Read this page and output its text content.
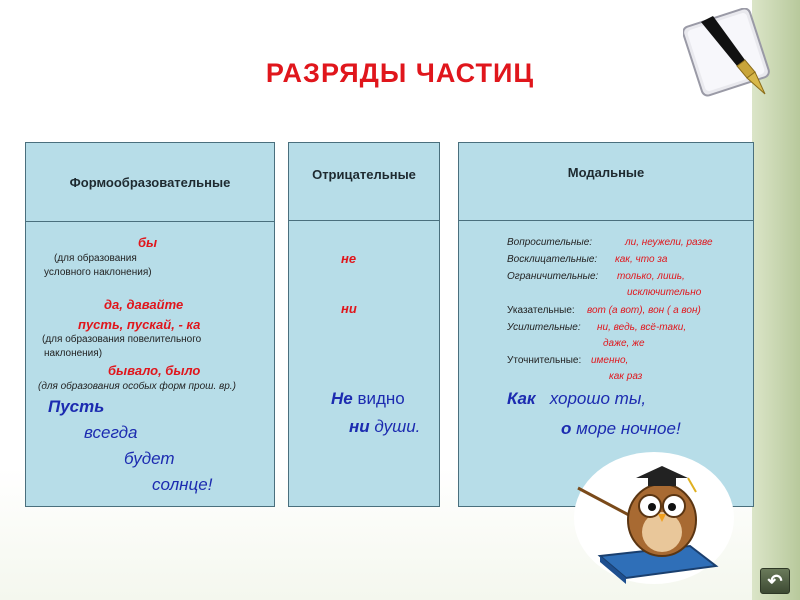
РАЗРЯДЫ ЧАСТИЦ
Формообразовательные
бы
(для образования
условного наклонения)
да, давайте
пусть, пускай, - ка
(для образования повелительного
наклонения)
бывало, было
(для образования особых форм прош. вр.)
Пусть
всегда
будет
солнце!
Отрицательные
не
ни
Не видно
ни души.
Модальные
Вопросительные:	ли, неужели, разве
Восклицательные: как, что за
Ограничительные: только, лишь,
исключительно
Указательные: вот (а вот), вон ( а вон)
Усилительные: ни, ведь, всё-таки,
даже, же
Уточнительные: именно,
как раз
Как хорошо ты,
о море ночное!
↶
